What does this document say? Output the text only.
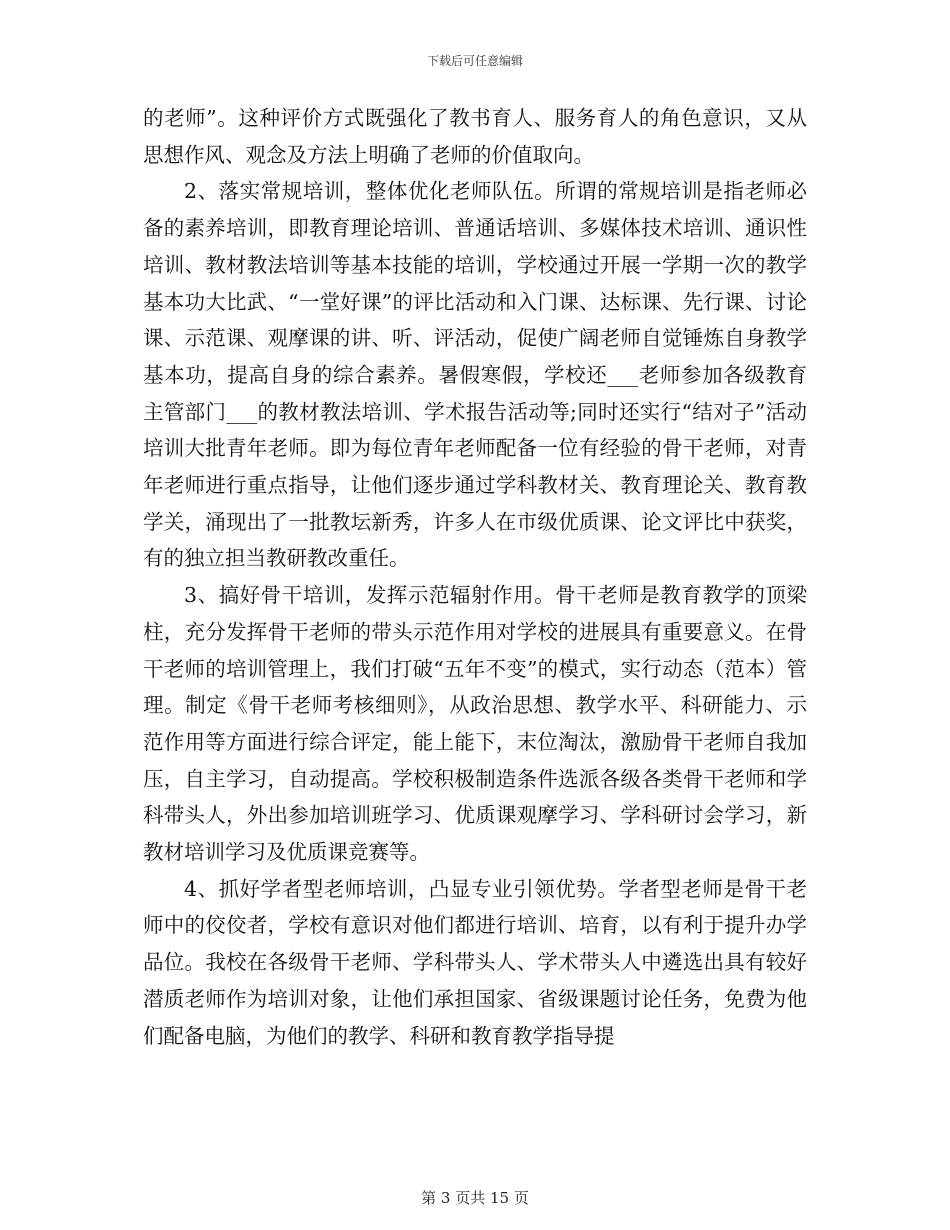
下载后可任意编辑

的老师”。这种评价方式既强化了教书育人、服务育人的角色意识，又从思想作风、观念及方法上明确了老师的价值取向。

2、落实常规培训，整体优化老师队伍。所谓的常规培训是指老师必备的素养培训，即教育理论培训、普通话培训、多媒体技术培训、通识性培训、教材教法培训等基本技能的培训，学校通过开展一学期一次的教学基本功大比武、“一堂好课”的评比活动和入门课、达标课、先行课、讨论课、示范课、观摩课的讲、听、评活动，促使广阔老师自觉锤炼自身教学基本功，提高自身的综合素养。暑假寒假，学校还___老师参加各级教育主管部门___的教材教法培训、学术报告活动等;同时还实行“结对子”活动培训大批青年老师。即为每位青年老师配备一位有经验的骨干老师，对青年老师进行重点指导，让他们逐步通过学科教材关、教育理论关、教育教学关，涌现出了一批教坛新秀，许多人在市级优质课、论文评比中获奖，有的独立担当教研教改重任。

3、搞好骨干培训，发挥示范辐射作用。骨干老师是教育教学的顶梁柱，充分发挥骨干老师的带头示范作用对学校的进展具有重要意义。在骨干老师的培训管理上，我们打破“五年不变”的模式，实行动态（范本）管理。制定《骨干老师考核细则》，从政治思想、教学水平、科研能力、示范作用等方面进行综合评定，能上能下，末位淘汰，激励骨干老师自我加压，自主学习，自动提高。学校积极制造条件选派各级各类骨干老师和学科带头人，外出参加培训班学习、优质课观摩学习、学科研讨会学习，新教材培训学习及优质课竞赛等。

4、抓好学者型老师培训，凸显专业引领优势。学者型老师是骨干老师中的佼佼者，学校有意识对他们都进行培训、培育，以有利于提升办学品位。我校在各级骨干老师、学科带头人、学术带头人中遴选出具有较好潜质老师作为培训对象，让他们承担国家、省级课题讨论任务，免费为他们配备电脑，为他们的教学、科研和教育教学指导提

第 3 页共 15 页
